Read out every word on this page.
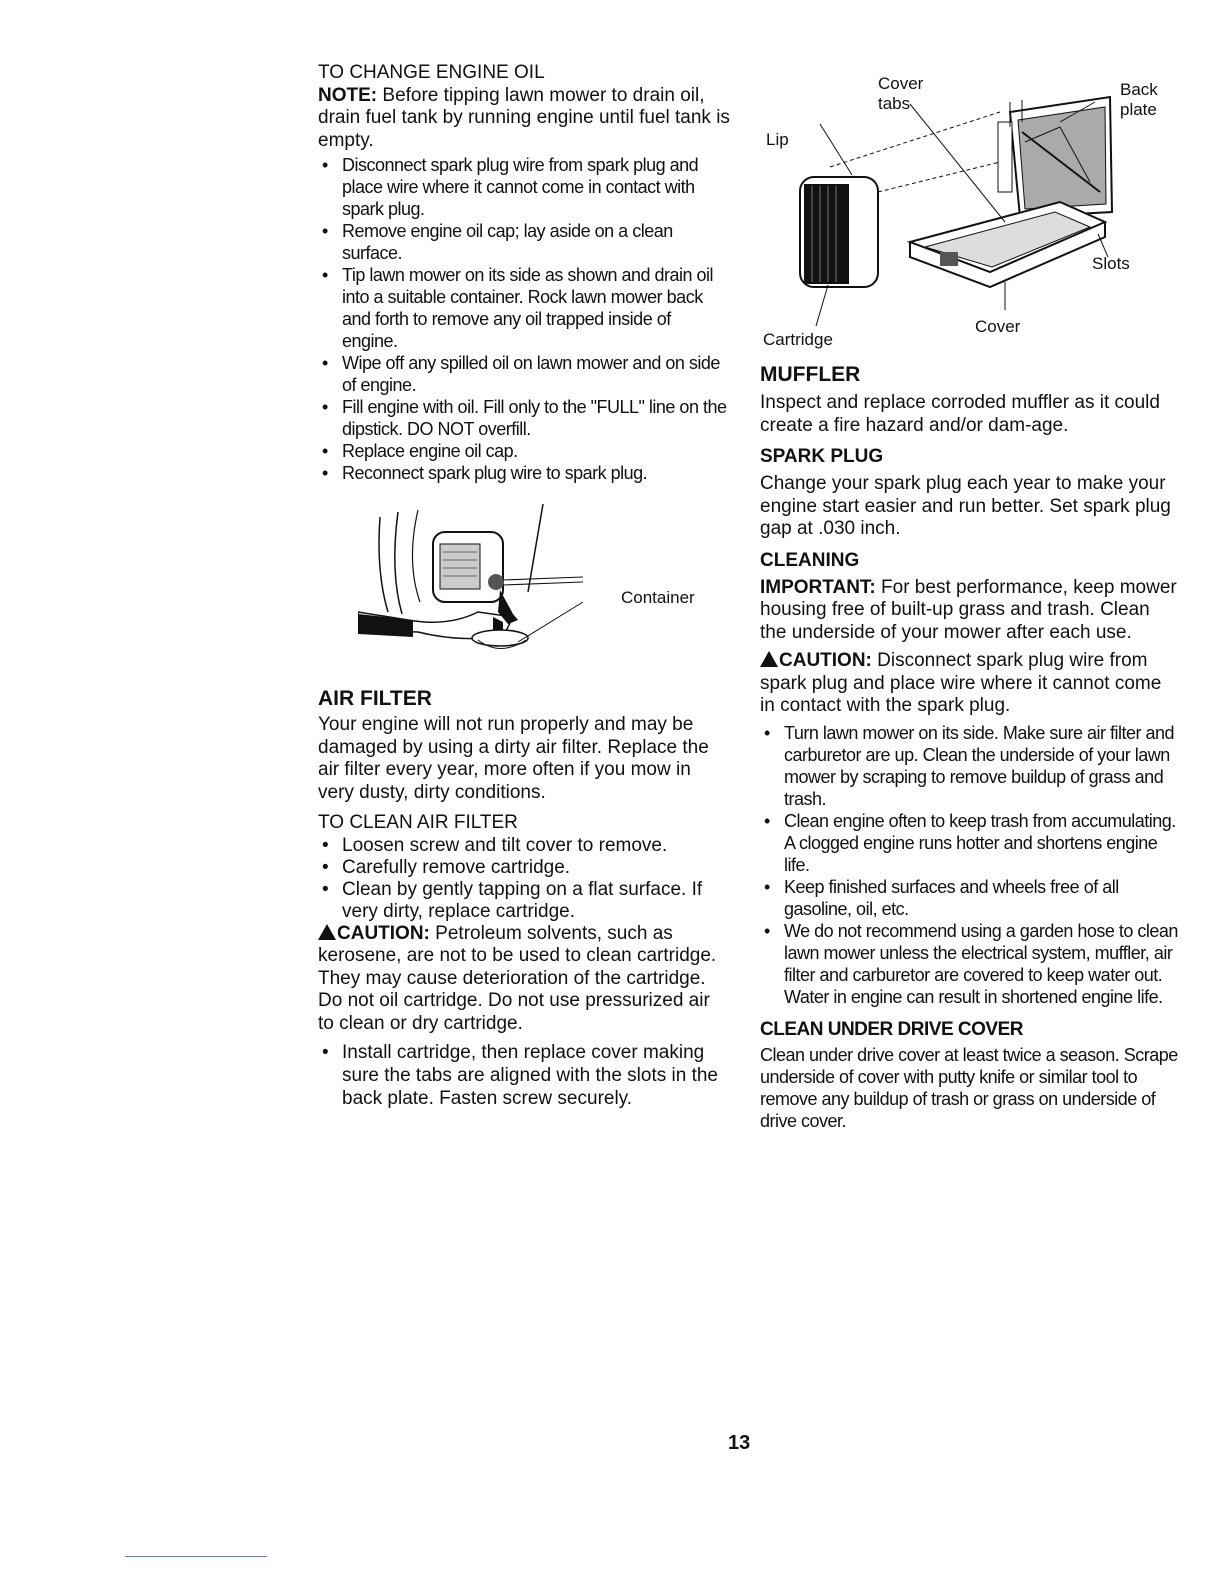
TO CHANGE ENGINE OIL

NOTE: Before tipping lawn mower to drain oil, drain fuel tank by running engine until fuel tank is empty.

• Disconnect spark plug wire from spark plug and place wire where it cannot come in contact with spark plug.
• Remove engine oil cap; lay aside on a clean surface.
• Tip lawn mower on its side as shown and drain oil into a suitable container. Rock lawn mower back and forth to remove any oil trapped inside of engine.
• Wipe off any spilled oil on lawn mower and on side of engine.
• Fill engine with oil. Fill only to the "FULL" line on the dipstick. DO NOT overfill.
• Replace engine oil cap.
• Reconnect spark plug wire to spark plug.
Container
AIR FILTER

Your engine will not run properly and may be damaged by using a dirty air filter. Replace the air filter every year, more often if you mow in very dusty, dirty conditions.

TO CLEAN AIR FILTER

• Loosen screw and tilt cover to remove.
• Carefully remove cartridge.
• Clean by gently tapping on a flat surface. If very dirty, replace cartridge.

CAUTION: Petroleum solvents, such as kerosene, are not to be used to clean cartridge. They may cause deterioration of the cartridge. Do not oil cartridge. Do not use pressurized air to clean or dry cartridge.

• Install cartridge, then replace cover making sure the tabs are aligned with the slots in the back plate. Fasten screw securely.
Cover tabs
Back plate
Lip
Slots
Cover
Cartridge
MUFFLER

Inspect and replace corroded muffler as it could create a fire hazard and/or dam-age.

SPARK PLUG

Change your spark plug each year to make your engine start easier and run better. Set spark plug gap at .030 inch.

CLEANING

IMPORTANT: For best performance, keep mower housing free of built-up grass and trash. Clean the underside of your mower after each use.

CAUTION: Disconnect spark plug wire from spark plug and place wire where it cannot come in contact with the spark plug.

• Turn lawn mower on its side. Make sure air filter and carburetor are up. Clean the underside of your lawn mower by scraping to remove buildup of grass and trash.
• Clean engine often to keep trash from accumulating. A clogged engine runs hotter and shortens engine life.
• Keep finished surfaces and wheels free of all gasoline, oil, etc.
• We do not recommend using a garden hose to clean lawn mower unless the electrical system, muffler, air filter and carburetor are covered to keep water out. Water in engine can result in shortened engine life.
CLEAN UNDER DRIVE COVER

Clean under drive cover at least twice a season. Scrape underside of cover with putty knife or similar tool to remove any buildup of trash or grass on underside of drive cover.

13
